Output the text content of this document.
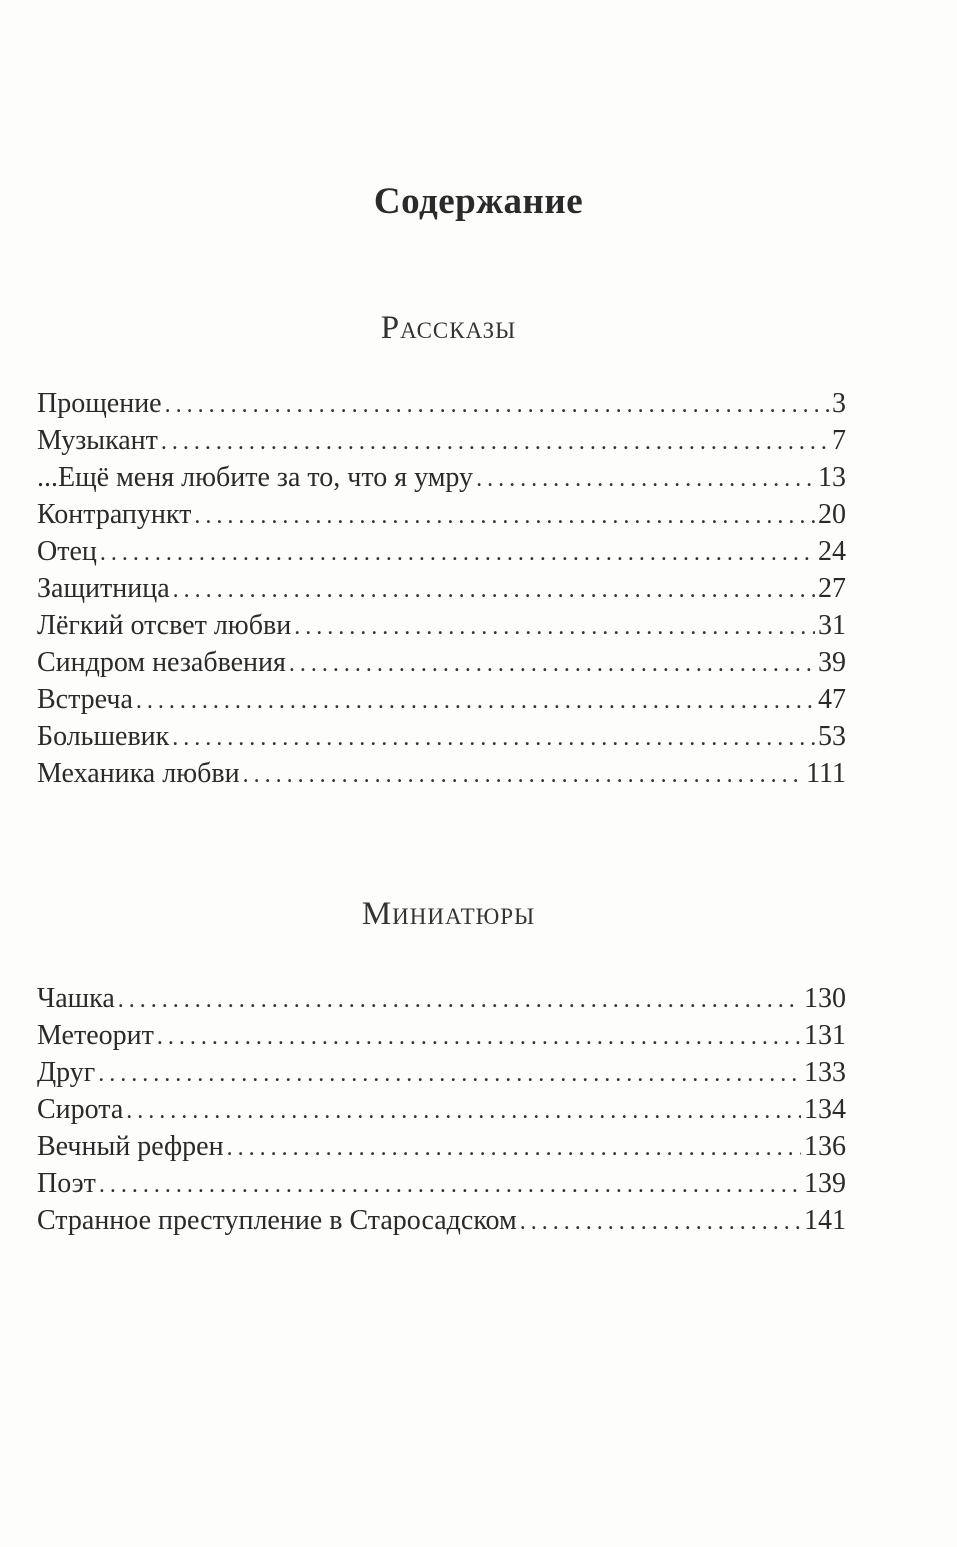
Содержание
Рассказы
Прощение . . .	3
Музыкант . . .	7
...Ещё меня любите за то, что я умру . . .	13
Контрапункт . . .	20
Отец . . .	24
Защитница . . .	27
Лёгкий отсвет любви . . .	31
Синдром незабвения . . .	39
Встреча . . .	47
Большевик . . .	53
Механика любви . . .	111
Миниатюры
Чашка . . .	130
Метеорит . . .	131
Друг . . .	133
Сирота . . .	134
Вечный рефрен . . .	136
Поэт . . .	139
Странное преступление в Старосадском . . .	141
